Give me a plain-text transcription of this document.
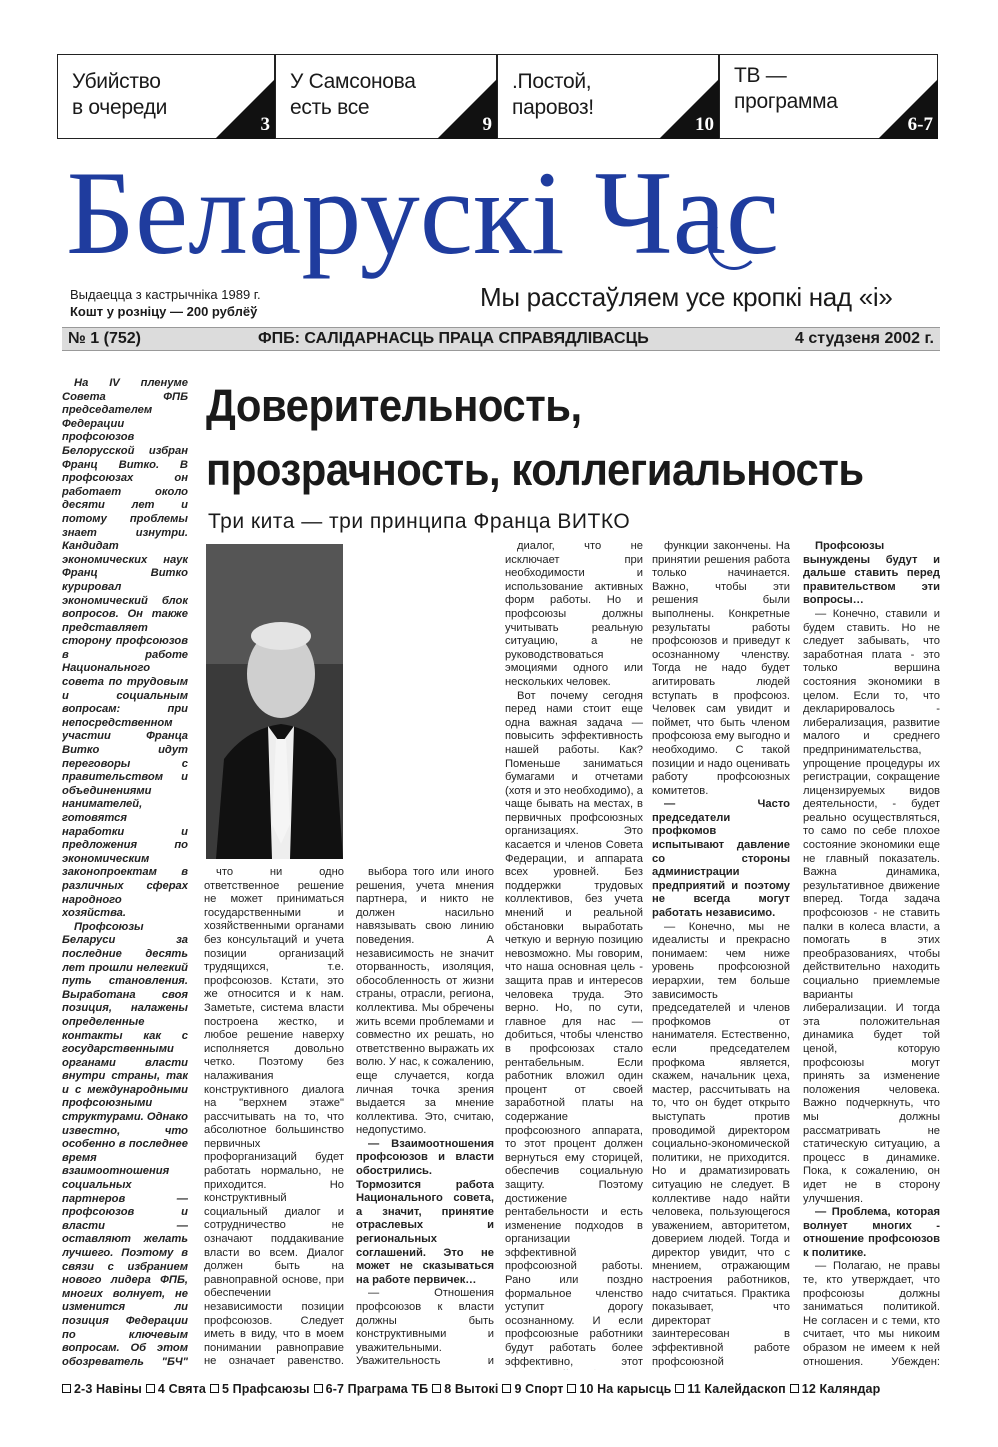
Убийство
в очереди
3
У Самсонова
есть все
9
.Постой,
паровоз!
10
ТВ —
программа
6-7
Беларускі Час
Выдаецца з кастрычніка 1989 г.
Кошт у розніцу — 200 рублёў	Мы расстаўляем усе кропкі над «і»
№ 1 (752)	ФПБ: САЛІДАРНАСЦЬ ПРАЦА СПРАВЯДЛІВАСЦЬ	4 студзеня 2002 г.
Доверительность,
прозрачность, коллегиальность
Три кита — три принципа Франца ВИТКО

На IV пленуме Совета ФПБ председателем Федерации профсоюзов Белорусской избран Франц Витко. В профсоюзах он работает около десяти лет и потому проблемы знает изнутри. Кандидат экономических наук Франц Витко курировал экономический блок вопросов. Он также представляет сторону профсоюзов в работе Национального совета по трудовым и социальным вопросам: при непосредственном участии Франца Витко идут переговоры с правительством и объединениями нанимателей, готовятся наработки и предложения по экономическим законопроектам в различных сферах народного хозяйства.

Профсоюзы Беларуси за последние десять лет прошли нелегкий путь становления. Выработана своя позиция, налажены определенные контакты как с государственными органами власти внутри страны, так и с международными профсоюзными структурами. Однако известно, что особенно в последнее время взаимоотношения социальных партнеров — профсоюзов и власти — оставляют желать лучшего. Поэтому в связи с избранием нового лидера ФПБ, многих волнует, не изменится ли позиция Федерации по ключевым вопросам. Об этом обозреватель "БЧ"

что ни одно ответственное решение не может приниматься государственными и хозяйственными органами без консультаций и учета позиции организаций трудящихся, т.е. профсоюзов. Кстати, это же относится и к нам. Заметьте, система власти построена жестко, и любое решение наверху исполняется довольно четко. Поэтому без налаживания конструктивного диалога на "верхнем этаже" рассчитывать на то, что абсолютное большинство первичных профорганизаций будет работать нормально, не приходится. Но конструктивный социальный диалог и сотрудничество не означают поддакивание власти во всем. Диалог должен быть на равноправной основе, при обеспечении независимости позиции профсоюзов. Следует иметь в виду, что в моем понимании равноправие не означает равенство.

выбора того или иного решения, учета мнения партнера, и никто не должен насильно навязывать свою линию поведения. А независимость не значит оторванность, изоляция, обособленность от жизни страны, отрасли, региона, коллектива. Мы обречены жить всеми проблемами и совместно их решать, но ответственно выражать их волю. У нас, к сожалению, еще случается, когда личная точка зрения выдается за мнение коллектива. Это, считаю, недопустимо.

— Взаимоотношения профсоюзов и власти обострились. Тормозится работа Национального совета, а значит, принятие отраслевых и региональных соглашений. Это не может не сказываться на работе первичек…

— Отношения профсоюзов к власти должны быть конструктивными и уважительными. Уважительность и

диалог, что не исключает при необходимости и использование активных форм работы. Но и профсоюзы должны учитывать реальную ситуацию, а не руководствоваться эмоциями одного или нескольких человек.

Вот почему сегодня перед нами стоит еще одна важная задача — повысить эффективность нашей работы. Как? Поменьше заниматься бумагами и отчетами (хотя и это необходимо), а чаще бывать на местах, в первичных профсоюзных организациях. Это касается и членов Совета Федерации, и аппарата всех уровней. Без поддержки трудовых коллективов, без учета мнений и реальной обстановки выработать четкую и верную позицию невозможно. Мы говорим, что наша основная цель - защита прав и интересов человека труда. Это верно. Но, по сути, главное для нас — добиться, чтобы членство в профсоюзах стало рентабельным. Если работник вложил один процент от своей заработной платы на содержание профсоюзного аппарата, то этот процент должен вернуться ему сторицей, обеспечив социальную защиту. Поэтому достижение рентабельности и есть изменение подходов в организации эффективной профсоюзной работы. Рано или поздно формальное членство уступит дорогу осознанному. И если профсоюзные работники будут работать более эффективно, этот

функции закончены. На принятии решения работа только начинается. Важно, чтобы эти решения были выполнены. Конкретные результаты работы профсоюзов и приведут к осознанному членству. Тогда не надо будет агитировать людей вступать в профсоюз. Человек сам увидит и поймет, что быть членом профсоюза ему выгодно и необходимо. С такой позиции и надо оценивать работу профсоюзных комитетов.

— Часто председатели профкомов испытывают давление со стороны администрации предприятий и поэтому не всегда могут работать независимо.

— Конечно, мы не идеалисты и прекрасно понимаем: чем ниже уровень профсоюзной иерархии, тем больше зависимость председателей и членов профкомов от нанимателя. Естественно, если председателем профкома является, скажем, начальник цеха, мастер, рассчитывать на то, что он будет открыто выступать против проводимой директором социально-экономической политики, не приходится. Но и драматизировать ситуацию не следует. В коллективе надо найти человека, пользующегося уважением, авторитетом, доверием людей. Тогда и директор увидит, что с мнением, отражающим настроения работников, надо считаться. Практика показывает, что директорат заинтересован в эффективной работе профсоюзной

Профсоюзы вынуждены будут и дальше ставить перед правительством эти вопросы…

— Конечно, ставили и будем ставить. Но не следует забывать, что заработная плата - это только вершина состояния экономики в целом. Если то, что декларировалось - либерализация, развитие малого и среднего предпринимательства, упрощение процедуры их регистрации, сокращение лицензируемых видов деятельности, - будет реально осуществляться, то само по себе плохое состояние экономики еще не главный показатель. Важна динамика, результативное движение вперед. Тогда задача профсоюзов - не ставить палки в колеса власти, а помогать в этих преобразованиях, чтобы действительно находить социально приемлемые варианты либерализации. И тогда эта положительная динамика будет той ценой, которую профсоюзы могут принять за изменение положения человека. Важно подчеркнуть, что мы должны рассматривать не статическую ситуацию, а процесс в динамике. Пока, к сожалению, он идет не в сторону улучшения.

— Проблема, которая волнует многих - отношение профсоюзов к политике.

— Полагаю, не правы те, кто утверждает, что профсоюзы должны заниматься политикой. Не согласен и с теми, кто считает, что мы никоим образом не имеем к ней отношения. Убежден:

2-3 Навіны 4 Свята 5 Прафсаюзы 6-7 Праграма ТБ 8 Вытокі 9 Спорт 10 На карысць 11 Калейдаскоп 12 Каляндар
